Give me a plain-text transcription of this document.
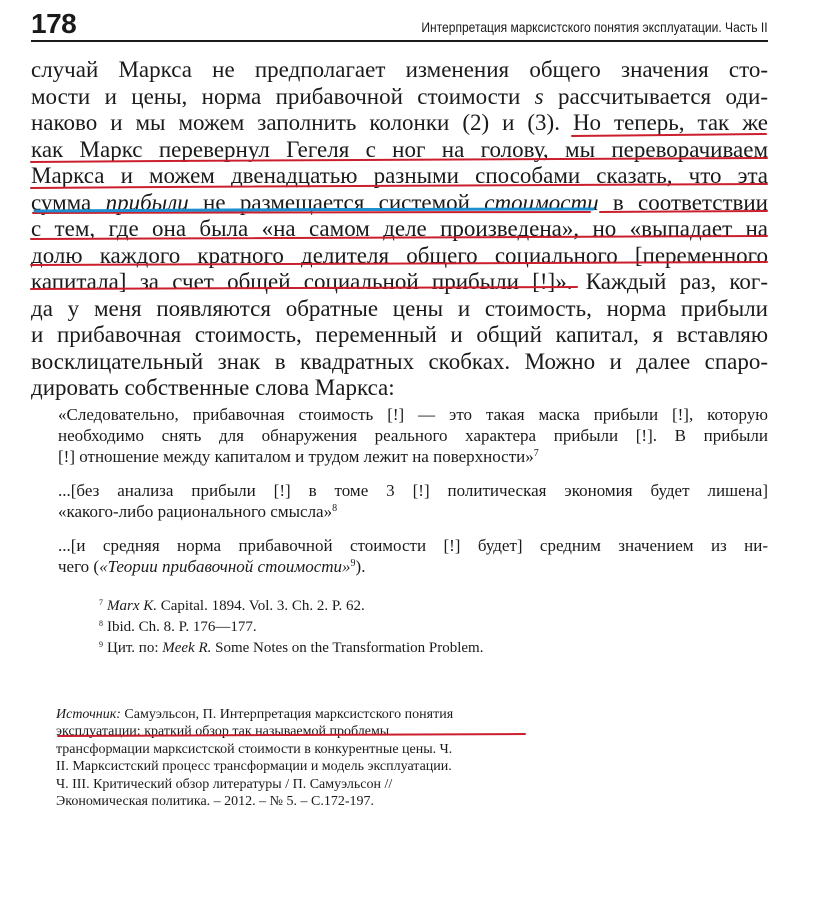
178	Интерпретация марксистского понятия эксплуатации. Часть II
случай Маркса не предполагает изменения общего значения сто-
мости и цены, норма прибавочной стоимости s рассчитывается оди-
наково и мы можем заполнить колонки (2) и (3). Но теперь, так же
как Маркс перевернул Гегеля с ног на голову, мы переворачиваем
Маркса и можем двенадцатью разными способами сказать, что эта
сумма прибыли не размещается системой стоимости в соответствии
с тем, где она была «на самом деле произведена», но «выпадает на
долю каждого кратного делителя общего социального [переменного
капитала] за счет общей социальной прибыли [!]». Каждый раз, ког-
да у меня появляются обратные цены и стоимость, норма прибыли
и прибавочная стоимость, переменный и общий капитал, я вставляю
восклицательный знак в квадратных скобках. Можно и далее спаро-
дировать собственные слова Маркса:
«Следовательно, прибавочная стоимость [!] — это такая маска прибыли [!], которую
необходимо снять для обнаружения реального характера прибыли [!]. В прибыли
[!] отношение между капиталом и трудом лежит на поверхности»$^7$
...[без анализа прибыли [!] в томе 3 [!] политическая экономия будет лишена]
«какого-либо рационального смысла»$^8$
...[и средняя норма прибавочной стоимости [!] будет] средним значением из ни-
чего («Теории прибавочной стоимости»$^9$).
$^7$ Marx K. Capital. 1894. Vol. 3. Ch. 2. P. 62.
$^8$ Ibid. Ch. 8. P. 176—177.
$^9$ Цит. по: Meek R. Some Notes on the Transformation Problem.
Источник: Самуэльсон, П. Интерпретация марксистского понятия
эксплуатации: краткий обзор так называемой проблемы
трансформации марксистской стоимости в конкурентные цены. Ч.
II. Марксистский процесс трансформации и модель эксплуатации.
Ч. III. Критический обзор литературы / П. Самуэльсон //
Экономическая политика. – 2012. – № 5. – С.172-197.
